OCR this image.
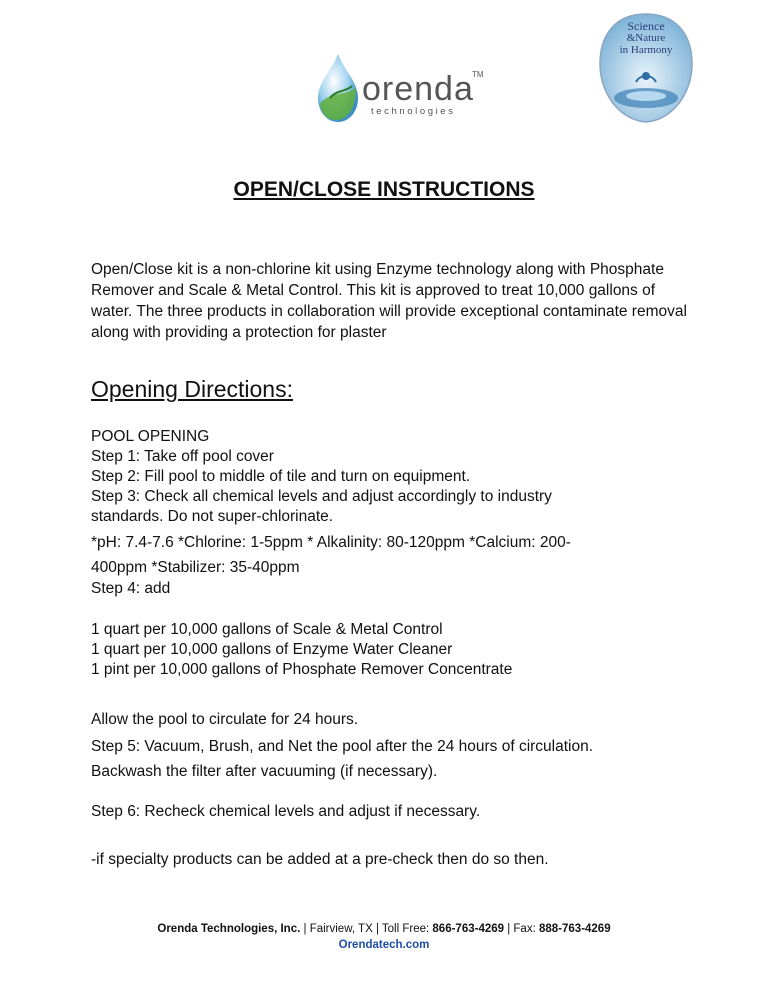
orenda
TM
technologies
Science
&Nature
in Harmony
OPEN/CLOSE INSTRUCTIONS

Open/Close kit is a non-chlorine kit using Enzyme technology along with Phosphate Remover and Scale & Metal Control. This kit is approved to treat 10,000 gallons of water. The three products in collaboration will provide exceptional contaminate removal along with providing a protection for plaster

Opening Directions:

POOL OPENING

Step 1: Take off pool cover

Step 2: Fill pool to middle of tile and turn on equipment.

Step 3: Check all chemical levels and adjust accordingly to industry

standards. Do not super-chlorinate.

*pH: 7.4-7.6 *Chlorine: 1-5ppm * Alkalinity: 80-120ppm *Calcium: 200-

400ppm *Stabilizer: 35-40ppm

Step 4: add

1 quart per 10,000 gallons of Scale & Metal Control

1 quart per 10,000 gallons of Enzyme Water Cleaner

1 pint per 10,000 gallons of Phosphate Remover Concentrate

Allow the pool to circulate for 24 hours.

Step 5: Vacuum, Brush, and Net the pool after the 24 hours of circulation.

Backwash the filter after vacuuming (if necessary).

Step 6: Recheck chemical levels and adjust if necessary.

-if specialty products can be added at a pre-check then do so then.

Orenda Technologies, Inc. | Fairview, TX | Toll Free: 866-763-4269 | Fax: 888-763-4269
Orendatech.com
